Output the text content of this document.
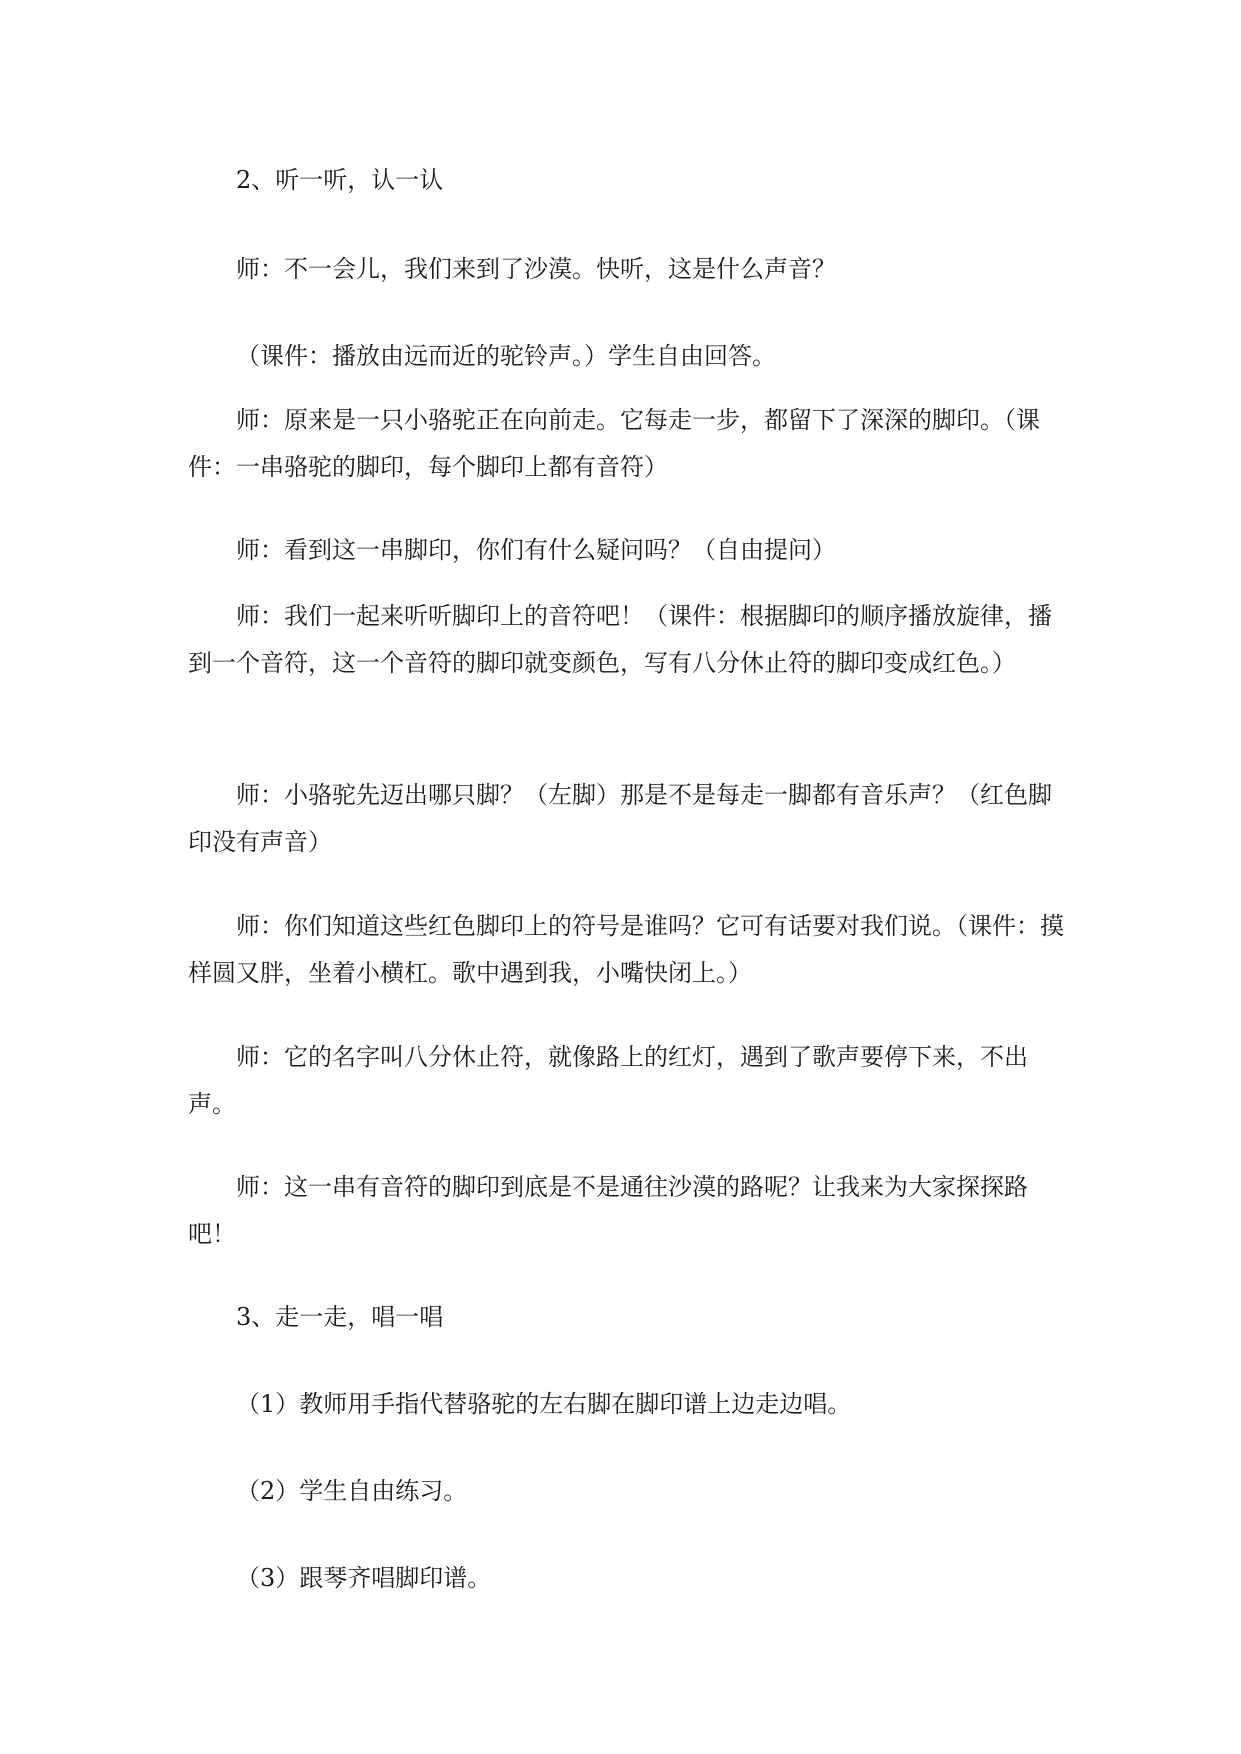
2、听一听，认一认

师：不一会儿，我们来到了沙漠。快听，这是什么声音？

（课件：播放由远而近的驼铃声。）学生自由回答。

师：原来是一只小骆驼正在向前走。它每走一步，都留下了深深的脚印。（课件：一串骆驼的脚印，每个脚印上都有音符）

师：看到这一串脚印，你们有什么疑问吗？（自由提问）

师：我们一起来听听脚印上的音符吧！（课件：根据脚印的顺序播放旋律，播到一个音符，这一个音符的脚印就变颜色，写有八分休止符的脚印变成红色。）

师：小骆驼先迈出哪只脚？（左脚）那是不是每走一脚都有音乐声？（红色脚印没有声音）

师：你们知道这些红色脚印上的符号是谁吗？它可有话要对我们说。（课件：摸样圆又胖，坐着小横杠。歌中遇到我，小嘴快闭上。）

师：它的名字叫八分休止符，就像路上的红灯，遇到了歌声要停下来，不出声。

师：这一串有音符的脚印到底是不是通往沙漠的路呢？让我来为大家探探路吧！

3、走一走，唱一唱

（1）教师用手指代替骆驼的左右脚在脚印谱上边走边唱。

（2）学生自由练习。

（3）跟琴齐唱脚印谱。
